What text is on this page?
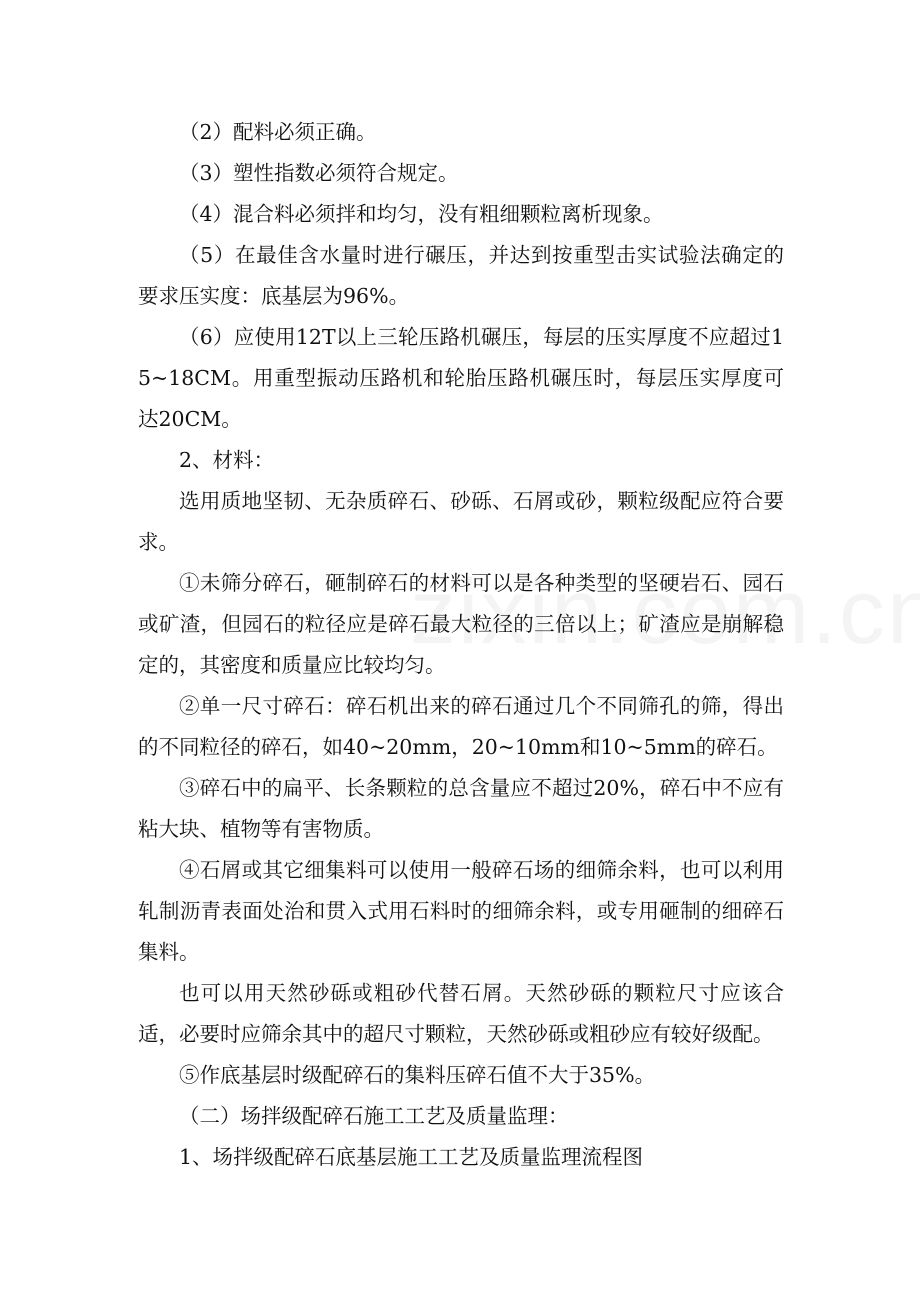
（2）配料必须正确。

（3）塑性指数必须符合规定。

（4）混合料必须拌和均匀，没有粗细颗粒离析现象。

（5）在最佳含水量时进行碾压，并达到按重型击实试验法确定的要求压实度：底基层为96%。

（6）应使用12T以上三轮压路机碾压，每层的压实厚度不应超过15~18CM。用重型振动压路机和轮胎压路机碾压时，每层压实厚度可达20CM。

2、材料：

选用质地坚韧、无杂质碎石、砂砾、石屑或砂，颗粒级配应符合要求。

①未筛分碎石，砸制碎石的材料可以是各种类型的坚硬岩石、园石或矿渣，但园石的粒径应是碎石最大粒径的三倍以上；矿渣应是崩解稳定的，其密度和质量应比较均匀。

②单一尺寸碎石：碎石机出来的碎石通过几个不同筛孔的筛，得出的不同粒径的碎石，如40~20mm，20~10mm和10~5mm的碎石。

③碎石中的扁平、长条颗粒的总含量应不超过20%，碎石中不应有粘大块、植物等有害物质。

④石屑或其它细集料可以使用一般碎石场的细筛余料，也可以利用轧制沥青表面处治和贯入式用石料时的细筛余料，或专用砸制的细碎石集料。

也可以用天然砂砾或粗砂代替石屑。天然砂砾的颗粒尺寸应该合适，必要时应筛余其中的超尺寸颗粒，天然砂砾或粗砂应有较好级配。

⑤作底基层时级配碎石的集料压碎石值不大于35%。

（二）场拌级配碎石施工工艺及质量监理：

1、场拌级配碎石底基层施工工艺及质量监理流程图
